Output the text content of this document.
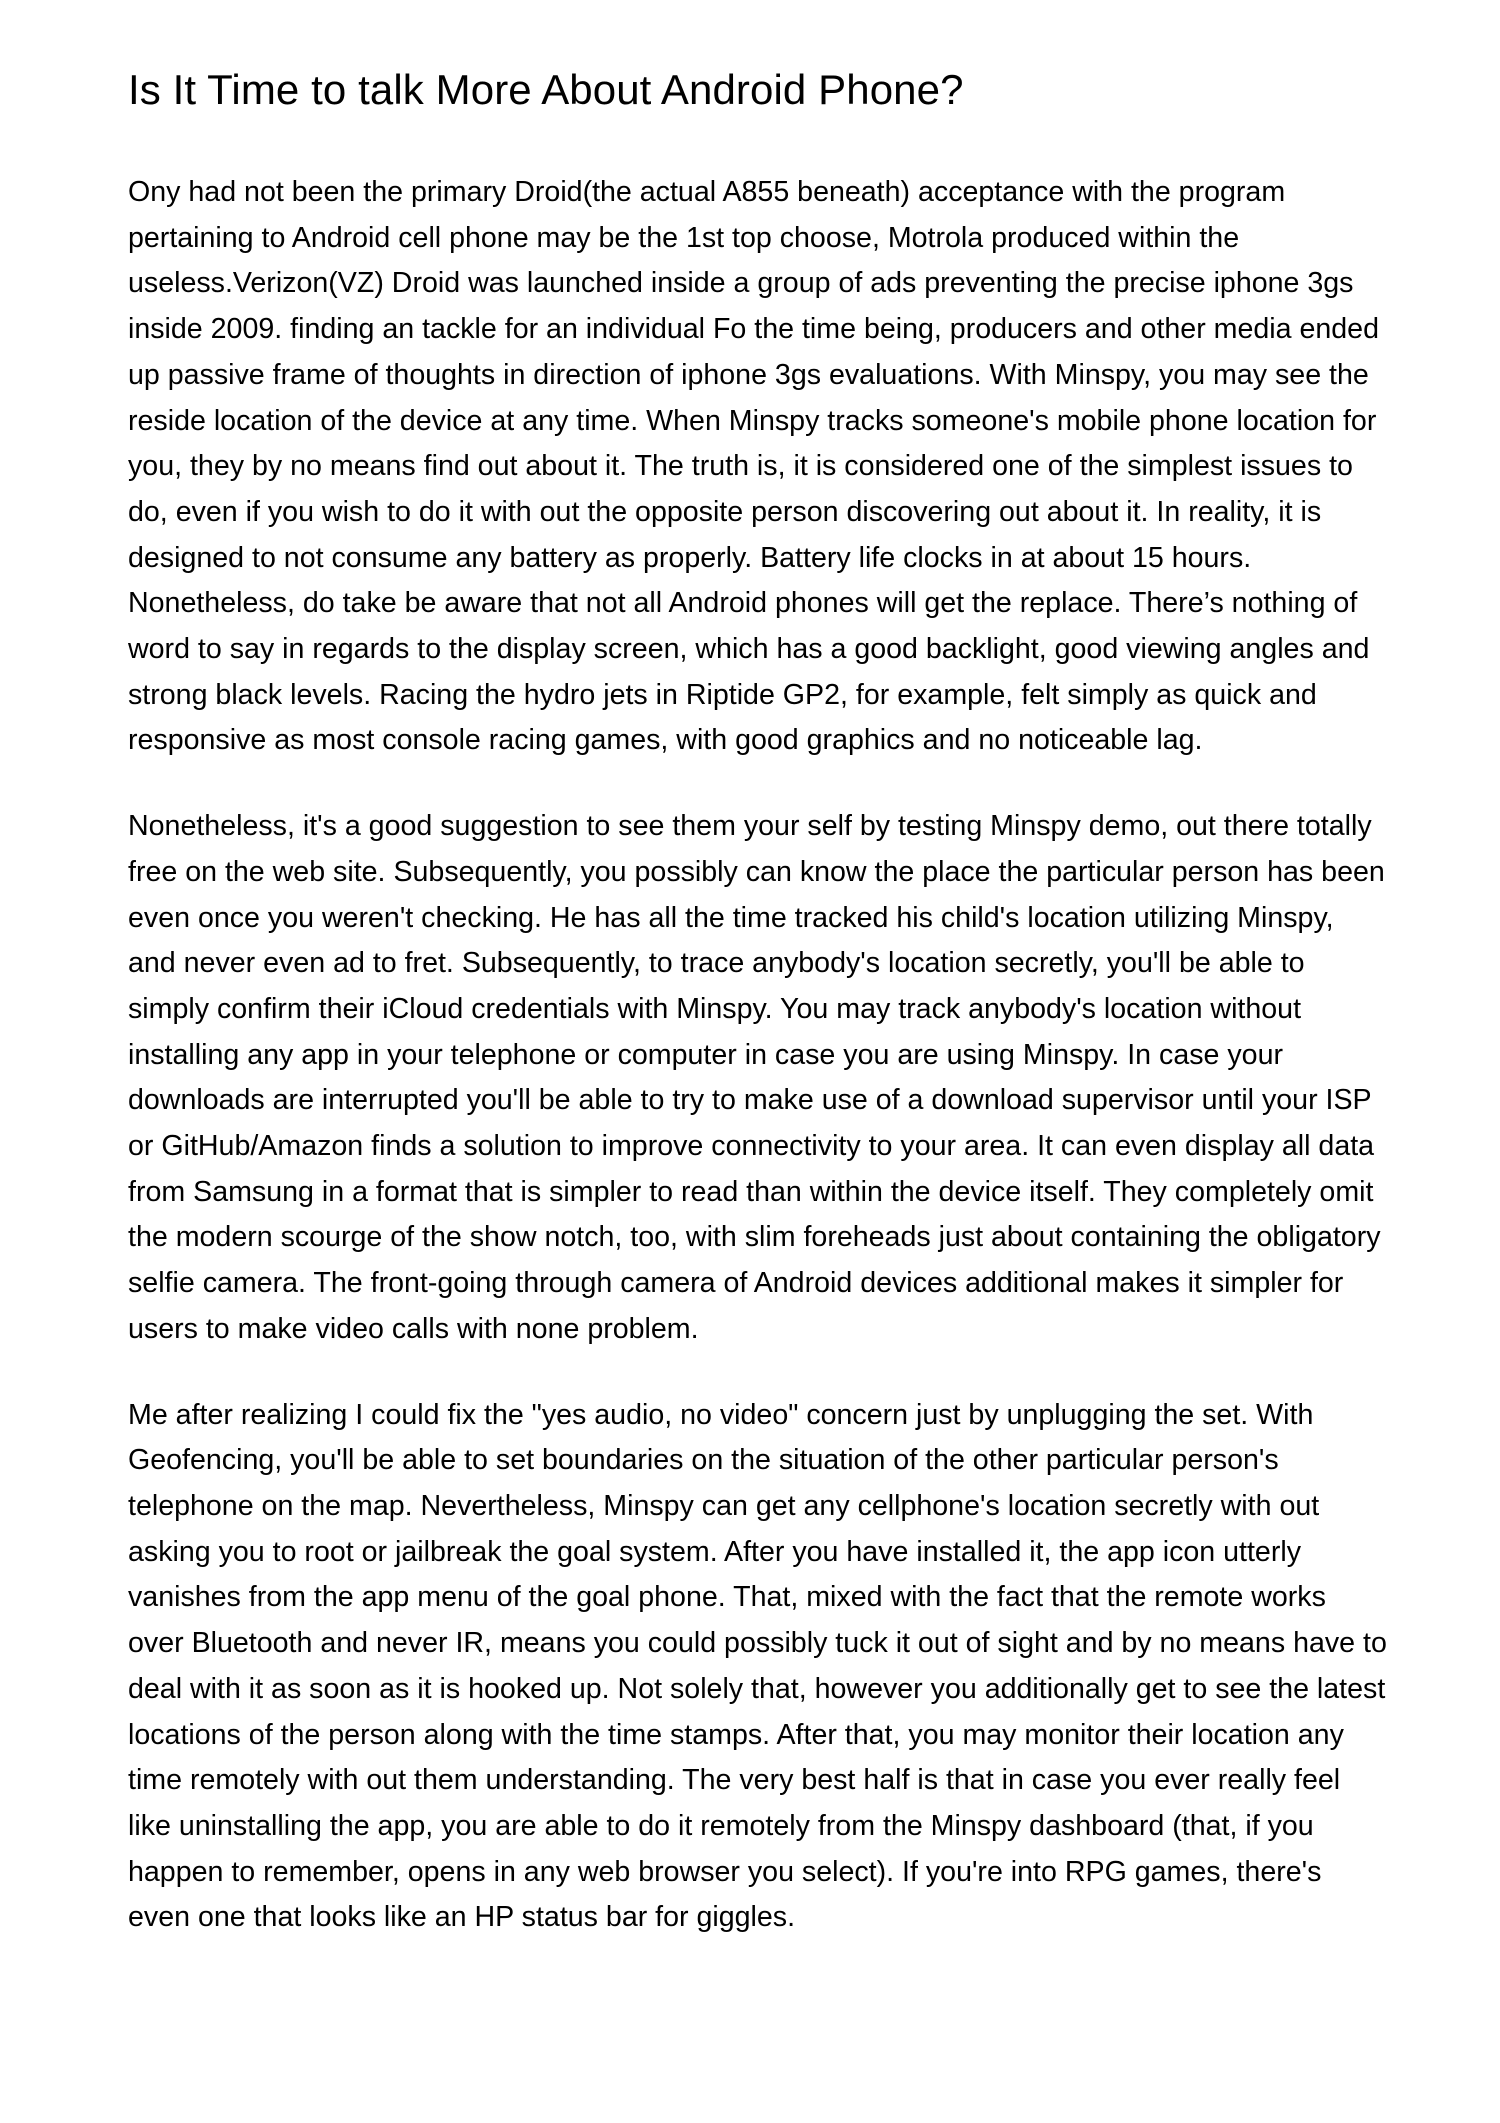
Is It Time to talk More About Android Phone?

Ony had not been the primary Droid(the actual A855 beneath) acceptance with the program pertaining to Android cell phone may be the 1st top choose, Motrola produced within the useless.Verizon(VZ) Droid was launched inside a group of ads preventing the precise iphone 3gs inside 2009. finding an tackle for an individual Fo the time being, producers and other media ended up passive frame of thoughts in direction of iphone 3gs evaluations. With Minspy, you may see the reside location of the device at any time. When Minspy tracks someone's mobile phone location for you, they by no means find out about it. The truth is, it is considered one of the simplest issues to do, even if you wish to do it with out the opposite person discovering out about it. In reality, it is designed to not consume any battery as properly. Battery life clocks in at about 15 hours. Nonetheless, do take be aware that not all Android phones will get the replace. There’s nothing of word to say in regards to the display screen, which has a good backlight, good viewing angles and strong black levels. Racing the hydro jets in Riptide GP2, for example, felt simply as quick and responsive as most console racing games, with good graphics and no noticeable lag.

Nonetheless, it's a good suggestion to see them your self by testing Minspy demo, out there totally free on the web site. Subsequently, you possibly can know the place the particular person has been even once you weren't checking. He has all the time tracked his child's location utilizing Minspy, and never even ad to fret. Subsequently, to trace anybody's location secretly, you'll be able to simply confirm their iCloud credentials with Minspy. You may track anybody's location without installing any app in your telephone or computer in case you are using Minspy. In case your downloads are interrupted you'll be able to try to make use of a download supervisor until your ISP or GitHub/Amazon finds a solution to improve connectivity to your area. It can even display all data from Samsung in a format that is simpler to read than within the device itself. They completely omit the modern scourge of the show notch, too, with slim foreheads just about containing the obligatory selfie camera. The front-going through camera of Android devices additional makes it simpler for users to make video calls with none problem.

Me after realizing I could fix the "yes audio, no video" concern just by unplugging the set. With Geofencing, you'll be able to set boundaries on the situation of the other particular person's telephone on the map. Nevertheless, Minspy can get any cellphone's location secretly with out asking you to root or jailbreak the goal system. After you have installed it, the app icon utterly vanishes from the app menu of the goal phone. That, mixed with the fact that the remote works over Bluetooth and never IR, means you could possibly tuck it out of sight and by no means have to deal with it as soon as it is hooked up. Not solely that, however you additionally get to see the latest locations of the person along with the time stamps. After that, you may monitor their location any time remotely with out them understanding. The very best half is that in case you ever really feel like uninstalling the app, you are able to do it remotely from the Minspy dashboard (that, if you happen to remember, opens in any web browser you select). If you're into RPG games, there's even one that looks like an HP status bar for giggles.
